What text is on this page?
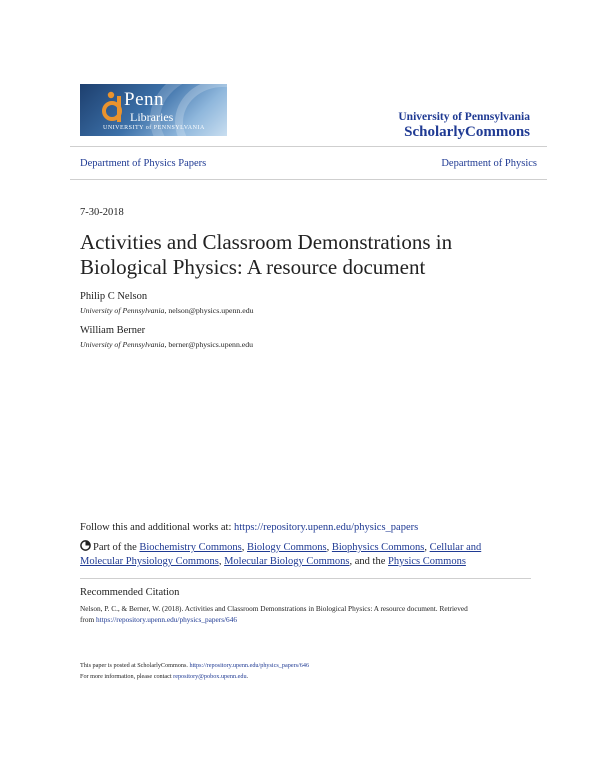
Penn
Libraries
UNIVERSITY of PENNSYLVANIA
University of Pennsylvania
ScholarlyCommons
Department of Physics Papers	Department of Physics
7-30-2018
Activities and Classroom Demonstrations in Biological Physics: A resource document
Philip C Nelson
University of Pennsylvania, nelson@physics.upenn.edu
William Berner
University of Pennsylvania, berner@physics.upenn.edu
Follow this and additional works at: https://repository.upenn.edu/physics_papers
Part of the Biochemistry Commons, Biology Commons, Biophysics Commons, Cellular and Molecular Physiology Commons, Molecular Biology Commons, and the Physics Commons
Recommended Citation
Nelson, P. C., & Berner, W. (2018). Activities and Classroom Demonstrations in Biological Physics: A resource document. Retrieved
from https://repository.upenn.edu/physics_papers/646
This paper is posted at ScholarlyCommons. https://repository.upenn.edu/physics_papers/646
For more information, please contact repository@pobox.upenn.edu.
